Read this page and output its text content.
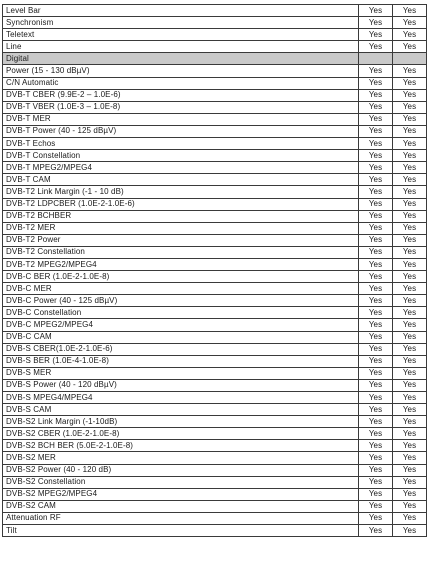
Level Bar	Yes	Yes
Synchronism	Yes	Yes
Teletext	Yes	Yes
Line	Yes	Yes
Digital		
Power (15 - 130 dBµV)	Yes	Yes
C/N Automatic	Yes	Yes
DVB-T CBER (9.9E-2 – 1.0E-6)	Yes	Yes
DVB-T VBER (1.0E-3 – 1.0E-8)	Yes	Yes
DVB-T MER	Yes	Yes
DVB-T Power (40 - 125 dBµV)	Yes	Yes
DVB-T Echos	Yes	Yes
DVB-T Constellation	Yes	Yes
DVB-T MPEG2/MPEG4	Yes	Yes
DVB-T CAM	Yes	Yes
DVB-T2 Link Margin (-1 - 10 dB)	Yes	Yes
DVB-T2 LDPCBER (1.0E-2-1.0E-6)	Yes	Yes
DVB-T2 BCHBER	Yes	Yes
DVB-T2 MER	Yes	Yes
DVB-T2 Power	Yes	Yes
DVB-T2 Constellation	Yes	Yes
DVB-T2 MPEG2/MPEG4	Yes	Yes
DVB-C BER (1.0E-2-1.0E-8)	Yes	Yes
DVB-C MER	Yes	Yes
DVB-C Power (40 - 125 dBµV)	Yes	Yes
DVB-C Constellation	Yes	Yes
DVB-C MPEG2/MPEG4	Yes	Yes
DVB-C CAM	Yes	Yes
DVB-S CBER(1.0E-2-1.0E-6)	Yes	Yes
DVB-S BER (1.0E-4-1.0E-8)	Yes	Yes
DVB-S MER	Yes	Yes
DVB-S Power (40 - 120 dBµV)	Yes	Yes
DVB-S MPEG4/MPEG4	Yes	Yes
DVB-S CAM	Yes	Yes
DVB-S2 Link Margin (-1-10dB)	Yes	Yes
DVB-S2 CBER (1.0E-2-1.0E-8)	Yes	Yes
DVB-S2 BCH BER (5.0E-2-1.0E-8)	Yes	Yes
DVB-S2 MER	Yes	Yes
DVB-S2 Power (40 - 120 dB)	Yes	Yes
DVB-S2 Constellation	Yes	Yes
DVB-S2 MPEG2/MPEG4	Yes	Yes
DVB-S2 CAM	Yes	Yes
Attenuation RF	Yes	Yes
Tilt	Yes	Yes
